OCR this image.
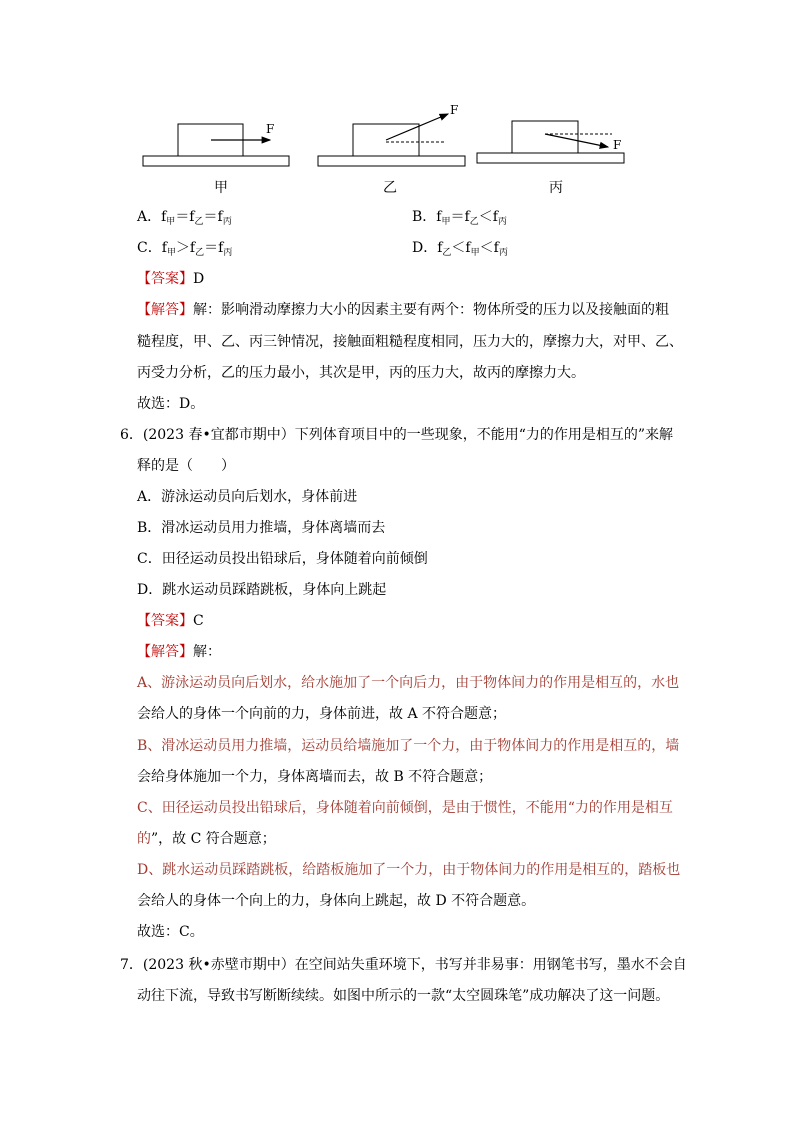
F
F
F
甲	乙	丙
A．$f_甲=f_乙=f_丙$	B．$f_甲=f_乙<f_丙$
C．$f_甲>f_乙=f_丙$	D．$f_乙<f_甲<f_丙$
【答案】D
【解答】解：影响滑动摩擦力大小的因素主要有两个：物体所受的压力以及接触面的粗
糙程度，甲、乙、丙三钟情况，接触面粗糙程度相同，压力大的，摩擦力大，对甲、乙、
丙受力分析，乙的压力最小，其次是甲，丙的压力大，故丙的摩擦力大。
故选：D。
6．(2023 春•宜都市期中）下列体育项目中的一些现象，不能用“力的作用是相互的”来解
释的是（　　）
A．游泳运动员向后划水，身体前进
B．滑冰运动员用力推墙，身体离墙而去
C．田径运动员投出铅球后，身体随着向前倾倒
D．跳水运动员踩踏跳板，身体向上跳起
【答案】C
【解答】解：
A、游泳运动员向后划水，给水施加了一个向后力，由于物体间力的作用是相互的，水也
会给人的身体一个向前的力，身体前进，故 A 不符合题意；
B、滑冰运动员用力推墙，运动员给墙施加了一个力，由于物体间力的作用是相互的，墙
会给身体施加一个力，身体离墙而去，故 B 不符合题意；
C、田径运动员投出铅球后，身体随着向前倾倒，是由于惯性，不能用“力的作用是相互
的”，故 C 符合题意；
D、跳水运动员踩踏跳板，给踏板施加了一个力，由于物体间力的作用是相互的，踏板也
会给人的身体一个向上的力，身体向上跳起，故 D 不符合题意。
故选：C。
7．(2023 秋•赤壁市期中）在空间站失重环境下，书写并非易事：用钢笔书写，墨水不会自
动往下流，导致书写断断续续。如图中所示的一款“太空圆珠笔”成功解决了这一问题。
